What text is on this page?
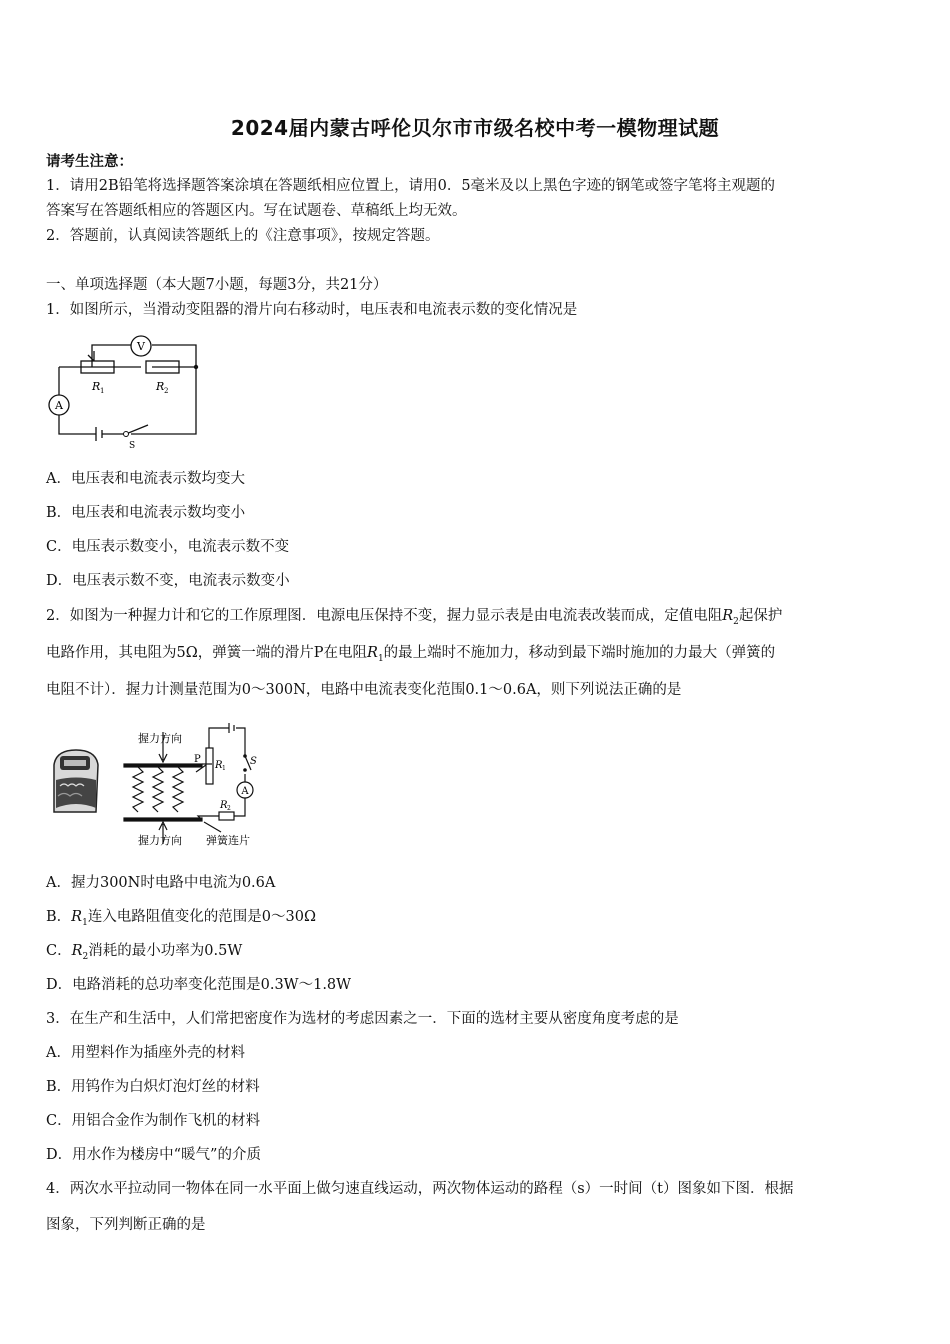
2024届内蒙古呼伦贝尔市市级名校中考一模物理试题
请考生注意：
1．请用2B铅笔将选择题答案涂填在答题纸相应位置上，请用0．5毫米及以上黑色字迹的钢笔或签字笔将主观题的
答案写在答题纸相应的答题区内。写在试题卷、草稿纸上均无效。
2．答题前，认真阅读答题纸上的《注意事项》，按规定答题。
一、单项选择题（本大题7小题，每题3分，共21分）
1．如图所示，当滑动变阻器的滑片向右移动时，电压表和电流表示数的变化情况是
V
A
R 1	R 2
S
A．电压表和电流表示数均变大
B．电压表和电流表示数均变小
C．电压表示数变小，电流表示数不变
D．电压表示数不变，电流表示数变小
2．如图为一种握力计和它的工作原理图．电源电压保持不变，握力显示表是由电流表改装而成，定值电阻$R_2$起保护
电路作用，其电阻为5Ω，弹簧一端的滑片P在电阻$R_1$的最上端时不施加力，移动到最下端时施加的力最大（弹簧的
电阻不计）．握力计测量范围为0～300N，电路中电流表变化范围0.1～0.6A，则下列说法正确的是
握力方向
握力方向 弹簧连片
P
R 1
R 2
S
A
A．握力300N时电路中电流为0.6A
B．$R_1$连入电路阻值变化的范围是0～30Ω
C．$R_2$消耗的最小功率为0.5W
D．电路消耗的总功率变化范围是0.3W～1.8W
3．在生产和生活中，人们常把密度作为选材的考虑因素之一．下面的选材主要从密度角度考虑的是
A．用塑料作为插座外壳的材料
B．用钨作为白炽灯泡灯丝的材料
C．用铝合金作为制作飞机的材料
D．用水作为楼房中“暖气”的介质
4．两次水平拉动同一物体在同一水平面上做匀速直线运动，两次物体运动的路程（s）一时间（t）图象如下图．根据
图象，下列判断正确的是
